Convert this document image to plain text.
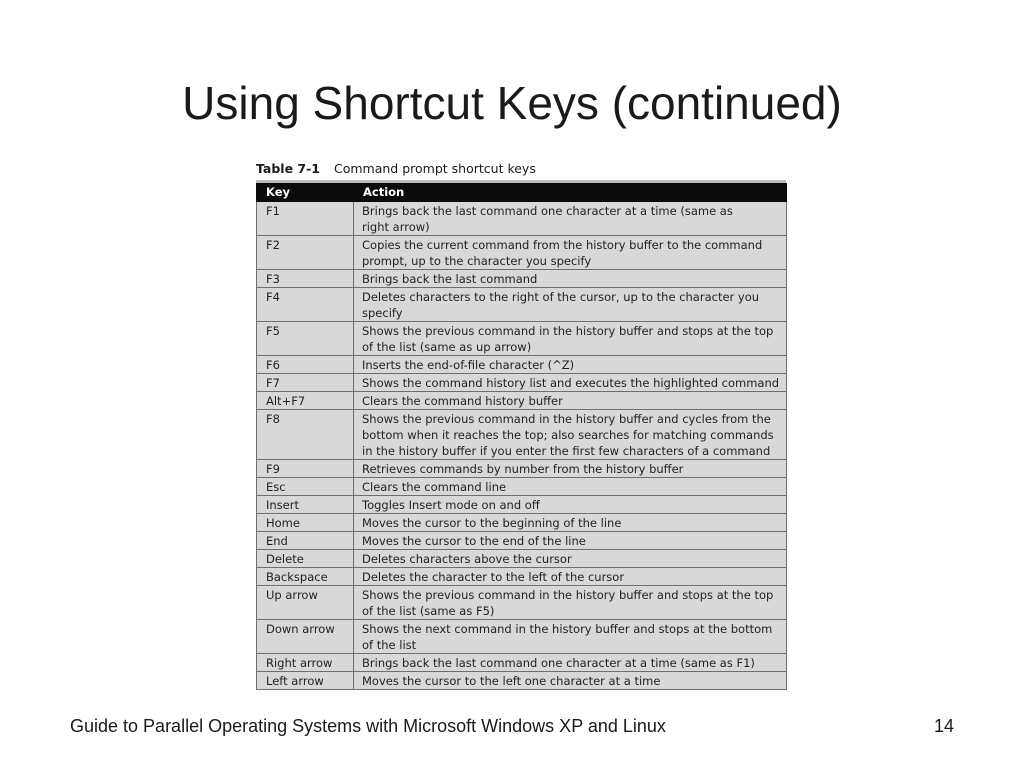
Using Shortcut Keys (continued)
Table 7-1 Command prompt shortcut keys
Key	Action
F1	Brings back the last command one character at a time (same as
right arrow)

F2	Copies the current command from the history buffer to the command
prompt, up to the character you specify

F3	Brings back the last command

F4	Deletes characters to the right of the cursor, up to the character you
specify

F5	Shows the previous command in the history buffer and stops at the top
of the list (same as up arrow)

F6	Inserts the end-of-file character (^Z)

F7	Shows the command history list and executes the highlighted command

Alt+F7	Clears the command history buffer

F8	Shows the previous command in the history buffer and cycles from the
bottom when it reaches the top; also searches for matching commands
in the history buffer if you enter the first few characters of a command

F9	Retrieves commands by number from the history buffer

Esc	Clears the command line

Insert	Toggles Insert mode on and off

Home	Moves the cursor to the beginning of the line

End	Moves the cursor to the end of the line

Delete	Deletes characters above the cursor

Backspace	Deletes the character to the left of the cursor

Up arrow	Shows the previous command in the history buffer and stops at the top
of the list (same as F5)

Down arrow	Shows the next command in the history buffer and stops at the bottom
of the list

Right arrow	Brings back the last command one character at a time (same as F1)

Left arrow	Moves the cursor to the left one character at a time
Guide to Parallel Operating Systems with Microsoft Windows XP and Linux	14
